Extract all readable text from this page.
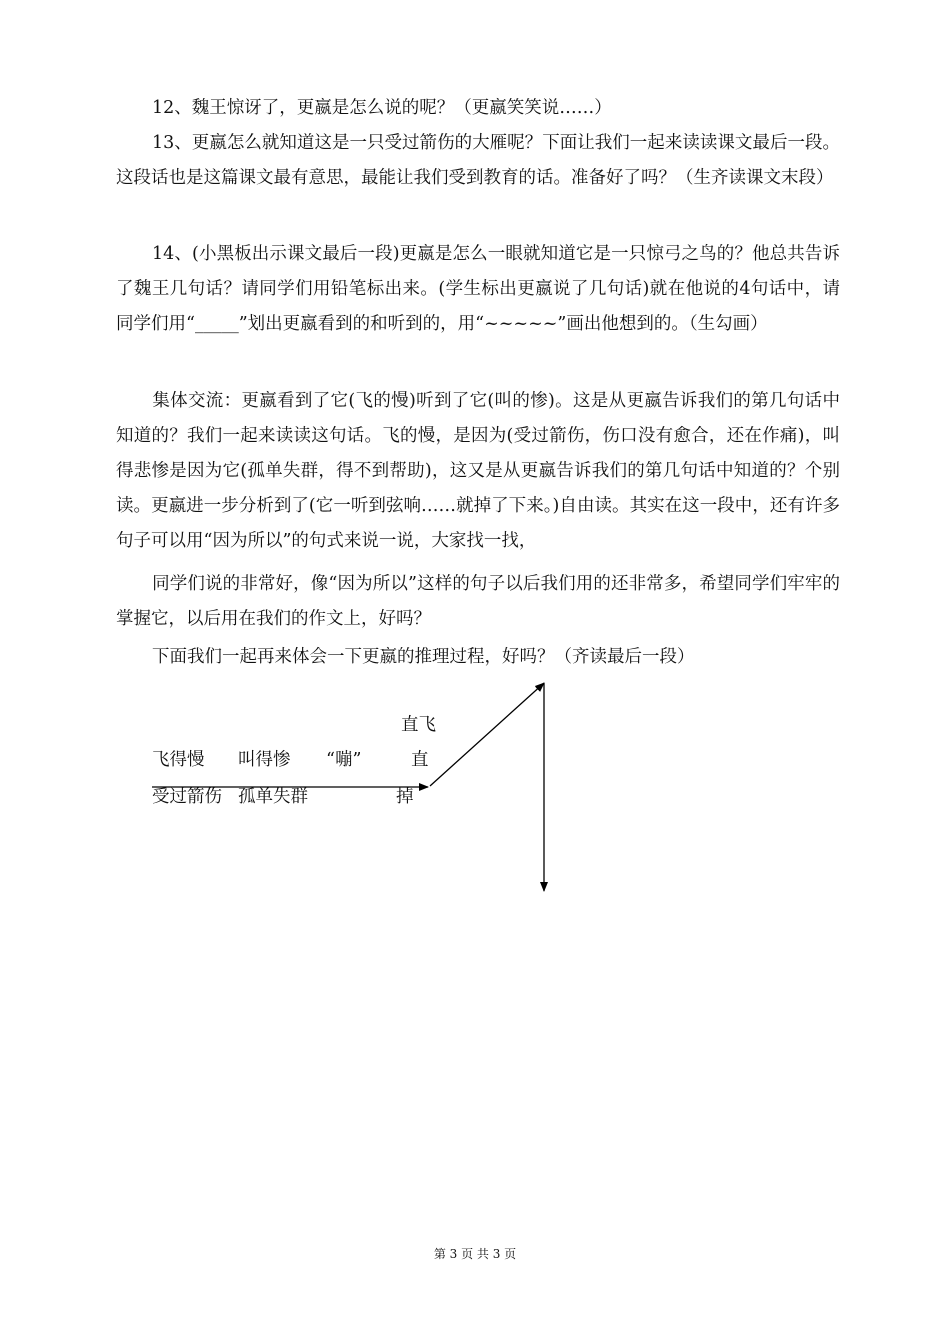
12、魏王惊讶了，更嬴是怎么说的呢？（更嬴笑笑说……）

13、更嬴怎么就知道这是一只受过箭伤的大雁呢？下面让我们一起来读读课文最后一段。这段话也是这篇课文最有意思，最能让我们受到教育的话。准备好了吗？（生齐读课文末段）

14、(小黑板出示课文最后一段)更嬴是怎么一眼就知道它是一只惊弓之鸟的？他总共告诉了魏王几句话？请同学们用铅笔标出来。(学生标出更嬴说了几句话)就在他说的4句话中，请同学们用“_____”划出更嬴看到的和听到的，用“~~~~~”画出他想到的。（生勾画）

集体交流：更嬴看到了它(飞的慢)听到了它(叫的惨)。这是从更嬴告诉我们的第几句话中知道的？我们一起来读读这句话。飞的慢，是因为(受过箭伤，伤口没有愈合，还在作痛)，叫得悲惨是因为它(孤单失群，得不到帮助)，这又是从更嬴告诉我们的第几句话中知道的？个别读。更嬴进一步分析到了(它一听到弦响……就掉了下来。)自由读。其实在这一段中，还有许多句子可以用“因为所以”的句式来说一说，大家找一找，

同学们说的非常好，像“因为所以”这样的句子以后我们用的还非常多，希望同学们牢牢的掌握它，以后用在我们的作文上，好吗？

下面我们一起再来体会一下更嬴的推理过程，好吗？（齐读最后一段）

直飞
飞得慢 叫得惨 “嘣”	直
受过箭伤 孤单失群	掉
第 3 页 共 3 页
